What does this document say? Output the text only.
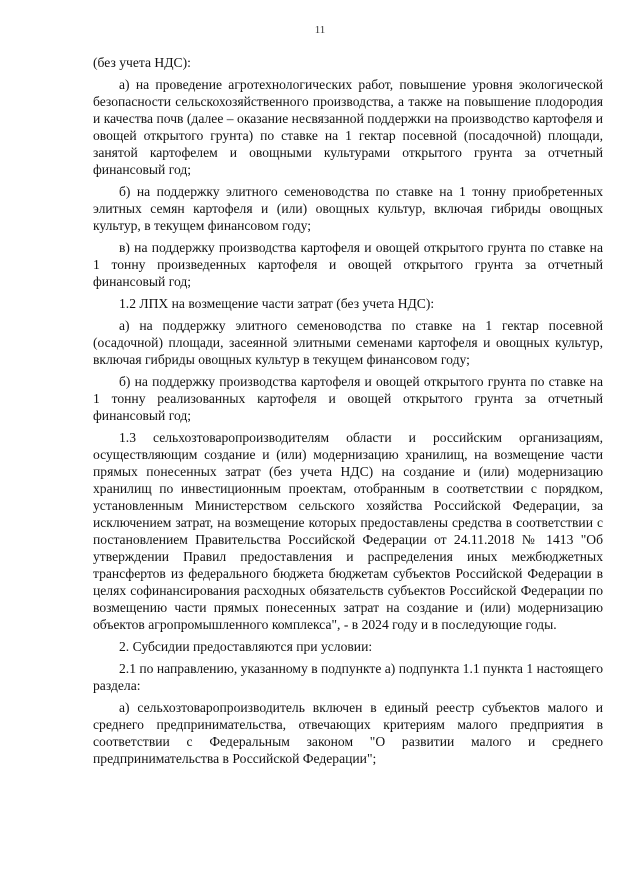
11

(без учета НДС):

а) на проведение агротехнологических работ, повышение уровня экологической безопасности сельскохозяйственного производства, а также на повышение плодородия и качества почв (далее – оказание несвязанной поддержки на производство картофеля и овощей открытого грунта) по ставке на 1 гектар посевной (посадочной) площади, занятой картофелем и овощными культурами открытого грунта за отчетный финансовый год;

б) на поддержку элитного семеноводства по ставке на 1 тонну приобретенных элитных семян картофеля и (или) овощных культур, включая гибриды овощных культур, в текущем финансовом году;

в) на поддержку производства картофеля и овощей открытого грунта по ставке на 1 тонну произведенных картофеля и овощей открытого грунта за отчетный финансовый год;

1.2 ЛПХ на возмещение части затрат (без учета НДС):

а) на поддержку элитного семеноводства по ставке на 1 гектар посевной (осадочной) площади, засеянной элитными семенами картофеля и овощных культур, включая гибриды овощных культур в текущем финансовом году;

б) на поддержку производства картофеля и овощей открытого грунта по ставке на 1 тонну реализованных картофеля и овощей открытого грунта за отчетный финансовый год;

1.3 сельхозтоваропроизводителям области и российским организациям, осуществляющим создание и (или) модернизацию хранилищ, на возмещение части прямых понесенных затрат (без учета НДС) на создание и (или) модернизацию хранилищ по инвестиционным проектам, отобранным в соответствии с порядком, установленным Министерством сельского хозяйства Российской Федерации, за исключением затрат, на возмещение которых предоставлены средства в соответствии с постановлением Правительства Российской Федерации от 24.11.2018 № 1413 "Об утверждении Правил предоставления и распределения иных межбюджетных трансфертов из федерального бюджета бюджетам субъектов Российской Федерации в целях софинансирования расходных обязательств субъектов Российской Федерации по возмещению части прямых понесенных затрат на создание и (или) модернизацию объектов агропромышленного комплекса", - в 2024 году и в последующие годы.

2. Субсидии предоставляются при условии:

2.1 по направлению, указанному в подпункте а) подпункта 1.1 пункта 1 настоящего раздела:

а) сельхозтоваропроизводитель включен в единый реестр субъектов малого и среднего предпринимательства, отвечающих критериям малого предприятия в соответствии с Федеральным законом "О развитии малого и среднего предпринимательства в Российской Федерации";
